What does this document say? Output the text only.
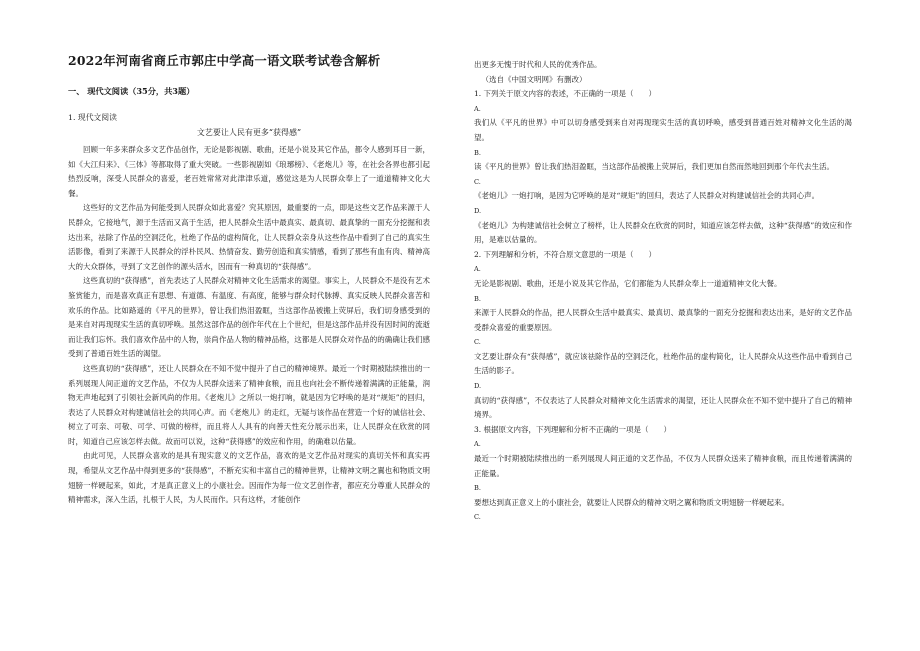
2022年河南省商丘市郭庄中学高一语文联考试卷含解析
一、 现代文阅读（35分，共3题）
1. 现代文阅读
文艺要让人民有更多“获得感”

回顾一年多来群众多文艺作品创作，无论是影视剧、歌曲，还是小说及其它作品，都令人感到耳目一新，如《大江归来》、《三体》等都取得了重大突破。一些影视剧如《琅琊榜》、《老炮儿》等，在社会各界也都引起热烈反响，深受人民群众的喜爱，老百姓常常对此津津乐道，感觉这是为人民群众奉上了一道道精神文化大餐。

这些好的文艺作品为何能受到人民群众如此喜爱？究其原因，最重要的一点，即是这些文艺作品来源于人民群众，它接地气，源于生活而又高于生活，把人民群众生活中最真实、最真切、最真挚的一面充分挖掘和表达出来，祛除了作品的空洞泛化，杜绝了作品的虚构简化，让人民群众亲身从这些作品中看到了自己的真实生活影像，看到了来源于人民群众的浮朴民风、热情奋发、勤劳创造和真实情感，看到了那些有血有肉、精神高大的大众群体，寻到了文艺创作的源头活水，因而有一种真切的“获得感”。

这些真切的“获得感”，首先表达了人民群众对精神文化生活需求的渴望。事实上，人民群众不是没有艺术鉴赏能力，而是喜欢真正有思想、有道德、有温度、有高度，能够与群众时代脉搏、真实反映人民群众喜苦和欢乐的作品。比如路遥的《平凡的世界》，曾让我们热泪盈眶，当这部作品被搬上荧屏后，我们切身感受到的是来自对再现现实生活的真切呼唤。虽然这部作品的创作年代在上个世纪，但是这部作品并没有因时间的流逝而让我们忘怀。我们喜欢作品中的人物，崇尚作品人物的精神品格，这都是人民群众对作品的的确确让我们感受到了普通百姓生活的渴望。

这些真切的“获得感”，还让人民群众在不知不觉中提升了自己的精神境界。最近一个时期被陆续推出的一系列展现人间正道的文艺作品，不仅为人民群众送来了精神食粮，而且也向社会不断传递着满满的正能量，润物无声地起到了引领社会新风尚的作用。《老炮儿》之所以一炮打响，就是因为它呼唤的是对“规矩”的回归，表达了人民群众对构建诚信社会的共同心声。而《老炮儿》的走红，无疑与该作品在营造一个好的诚信社会、树立了可亲、可敬、可学、可做的榜样，而且将人人具有的向善天性充分展示出来，让人民群众在欣赏的同时，知道自己应该怎样去做。故而可以说，这种“获得感”的效应和作用，的确难以估量。

由此可见，人民群众喜欢的是具有现实意义的文艺作品，喜欢的是文艺作品对现实的真切关怀和真实再现，希望从文艺作品中得到更多的“获得感”，不断充实和丰富自己的精神世界，让精神文明之翼也和物质文明翅膀一样硬起来，如此，才是真正意义上的小康社会。因而作为每一位文艺创作者，都应充分尊重人民群众的精神需求，深入生活，扎根于人民，为人民而作。只有这样，才能创作

出更多无愧于时代和人民的优秀作品。
（选自《中国文明网》有删改）
1. 下列关于原文内容的表述，不正确的一项是（　　）
A.
我们从《平凡的世界》中可以切身感受到来自对再现现实生活的真切呼唤，感受到普通百姓对精神文化生活的渴望。
B.
读《平凡的世界》曾让我们热泪盈眶，当这部作品被搬上荧屏后，我们更加自然而然地回到那个年代去生活。
C.
《老炮儿》一炮打响，是因为它呼唤的是对“规矩”的回归，表达了人民群众对构建诚信社会的共同心声。
D.
《老炮儿》为构建诚信社会树立了榜样，让人民群众在欣赏的同时，知道应该怎样去做，这种“获得感”的效应和作用，是难以估量的。
2. 下列理解和分析，不符合原文意思的一项是（　　）
A.
无论是影视剧、歌曲，还是小说及其它作品，它们都能为人民群众奉上一道道精神文化大餐。
B.
来源于人民群众的作品，把人民群众生活中最真实、最真切、最真挚的一面充分挖掘和表达出来，是好的文艺作品受群众喜爱的重要原因。
C.
文艺要让群众有“获得感”，就应该祛除作品的空洞泛化，杜绝作品的虚构简化，让人民群众从这些作品中看到自己生活的影子。
D.
真切的“获得感”，不仅表达了人民群众对精神文化生活需求的渴望，还让人民群众在不知不觉中提升了自己的精神境界。
3. 根据原文内容，下列理解和分析不正确的一项是（　　）
A.
最近一个时期被陆续推出的一系列展现人间正道的文艺作品，不仅为人民群众送来了精神食粮，而且传递着满满的正能量。
B.
要想达到真正意义上的小康社会，就要让人民群众的精神文明之翼和物质文明翅膀一样硬起来。
C.
